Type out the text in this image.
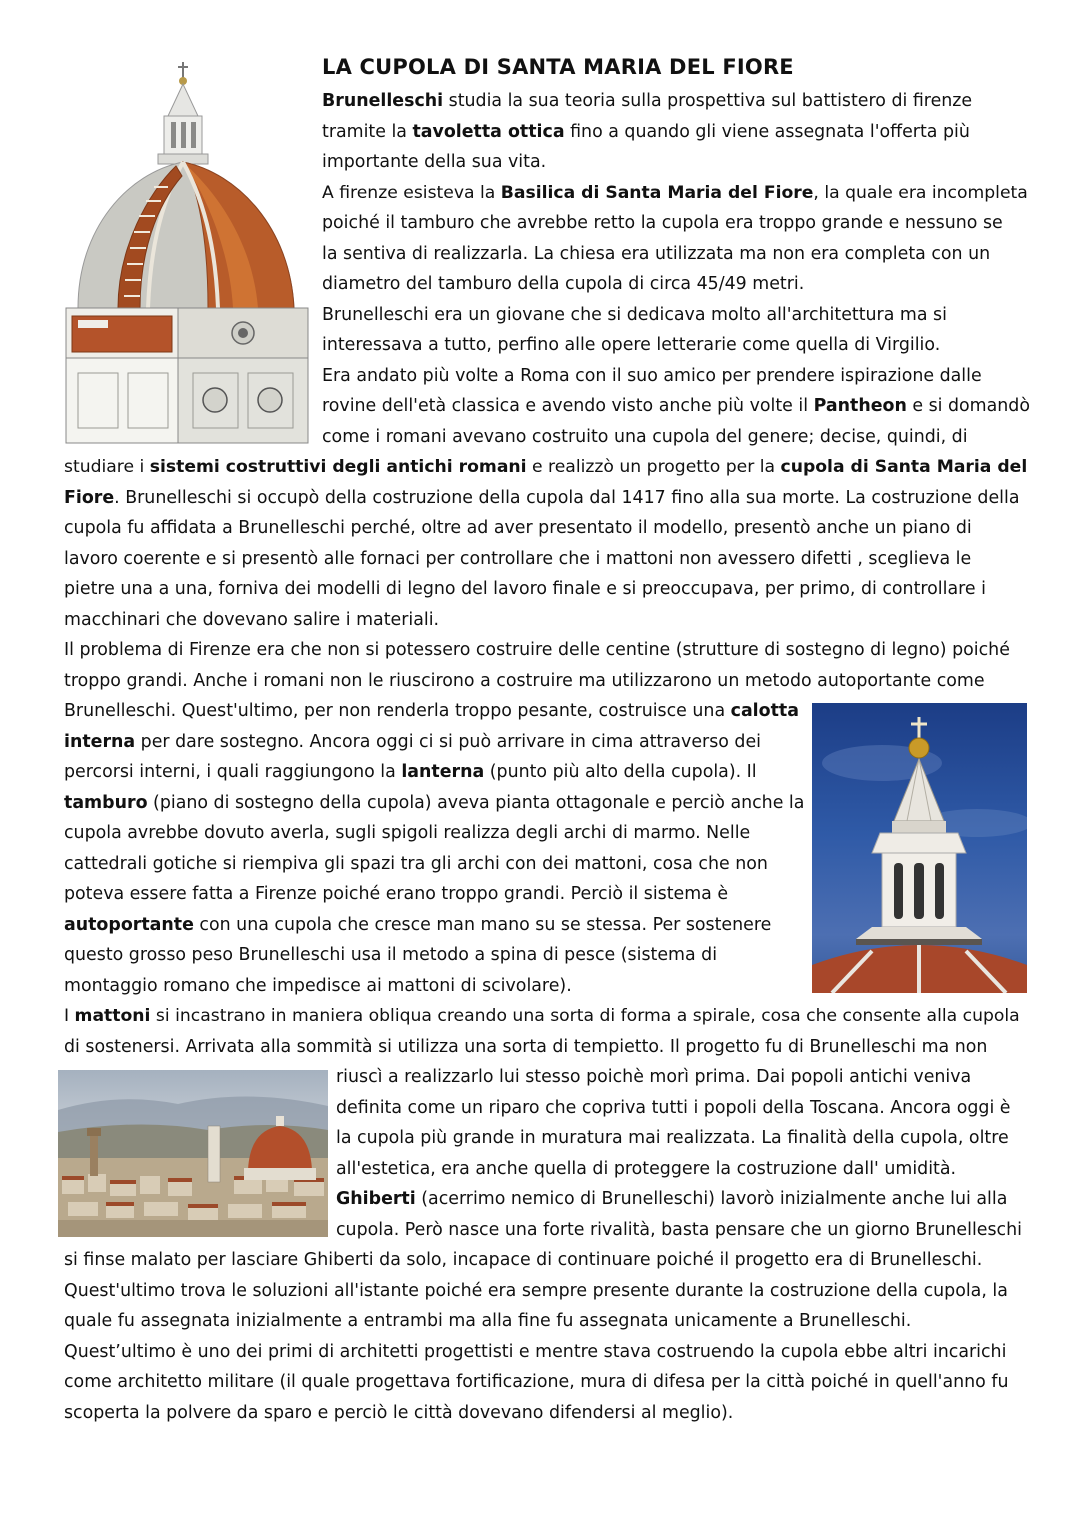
LA CUPOLA DI SANTA MARIA DEL FIORE

Brunelleschi studia la sua teoria sulla prospettiva sul battistero di firenze

tramite la tavoletta ottica fino a quando gli viene assegnata l'offerta più

importante della sua vita.

A firenze esisteva la Basilica di Santa Maria del Fiore, la quale era incompleta

poiché il tamburo che avrebbe retto la cupola era troppo grande e nessuno se

la sentiva di realizzarla. La chiesa era utilizzata ma non era completa con un

diametro del tamburo della cupola di circa 45/49 metri.

Brunelleschi era un giovane che si dedicava molto all'architettura ma si

interessava a tutto, perfino alle opere letterarie come quella di Virgilio.

Era andato più volte a Roma con il suo amico per prendere ispirazione dalle

rovine dell'età classica e avendo visto anche più volte il Pantheon e si domandò

come i romani avevano costruito una cupola del genere; decise, quindi, di

studiare i sistemi costruttivi degli antichi romani e realizzò un progetto per la cupola di Santa Maria del

Fiore. Brunelleschi si occupò della costruzione della cupola dal 1417 fino alla sua morte. La costruzione della

cupola fu affidata a Brunelleschi perché, oltre ad aver presentato il modello, presentò anche un piano di

lavoro coerente e si presentò alle fornaci per controllare che i mattoni non avessero difetti , sceglieva le

pietre una a una, forniva dei modelli di legno del lavoro finale e si preoccupava, per primo, di controllare i

macchinari che dovevano salire i materiali.

Il problema di Firenze era che non si potessero costruire delle centine (strutture di sostegno di legno) poiché

troppo grandi. Anche i romani non le riuscirono a costruire ma utilizzarono un metodo autoportante come

Brunelleschi. Quest'ultimo, per non renderla troppo pesante, costruisce una calotta

interna per dare sostegno. Ancora oggi ci si può arrivare in cima attraverso dei

percorsi interni, i quali raggiungono la lanterna (punto più alto della cupola). Il

tamburo (piano di sostegno della cupola) aveva pianta ottagonale e perciò anche la

cupola avrebbe dovuto averla, sugli spigoli realizza degli archi di marmo. Nelle

cattedrali gotiche si riempiva gli spazi tra gli archi con dei mattoni, cosa che non

poteva essere fatta a Firenze poiché erano troppo grandi. Perciò il sistema è

autoportante con una cupola che cresce man mano su se stessa. Per sostenere

questo grosso peso Brunelleschi usa il metodo a spina di pesce (sistema di

montaggio romano che impedisce ai mattoni di scivolare).

I mattoni si incastrano in maniera obliqua creando una sorta di forma a spirale, cosa che consente alla cupola

di sostenersi. Arrivata alla sommità si utilizza una sorta di tempietto. Il progetto fu di Brunelleschi ma non

riuscì a realizzarlo lui stesso poichè morì prima. Dai popoli antichi veniva

definita come un riparo che copriva tutti i popoli della Toscana. Ancora oggi è

la cupola più grande in muratura mai realizzata. La finalità della cupola, oltre

all'estetica, era anche quella di proteggere la costruzione dall' umidità.

Ghiberti (acerrimo nemico di Brunelleschi) lavorò inizialmente anche lui alla

cupola. Però nasce una forte rivalità, basta pensare che un giorno Brunelleschi

si finse malato per lasciare Ghiberti da solo, incapace di continuare poiché il progetto era di Brunelleschi.

Quest'ultimo trova le soluzioni all'istante poiché era sempre presente durante la costruzione della cupola, la

quale fu assegnata inizialmente a entrambi ma alla fine fu assegnata unicamente a Brunelleschi.

Quest’ultimo è uno dei primi di architetti progettisti e mentre stava costruendo la cupola ebbe altri incarichi

come architetto militare (il quale progettava fortificazione, mura di difesa per la città poiché in quell'anno fu

scoperta la polvere da sparo e perciò le città dovevano difendersi al meglio).
